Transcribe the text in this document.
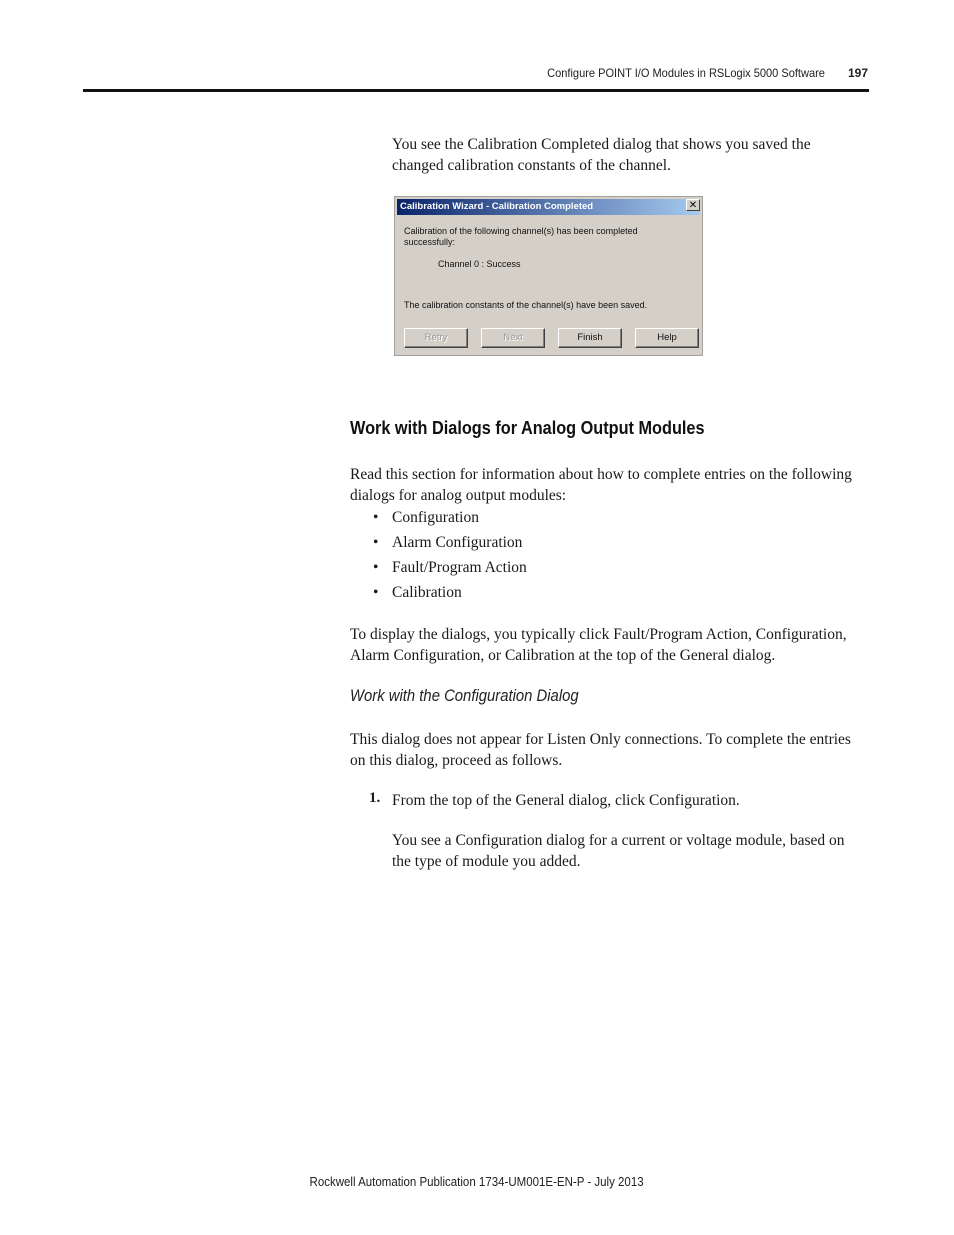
Configure POINT I/O Modules in RSLogix 5000 Software 197
You see the Calibration Completed dialog that shows you saved the
changed calibration constants of the channel.
Calibration Wizard - Calibration Completed	✕
Calibration of the following channel(s) has been completed
successfully:
Channel 0 : Success
The calibration constants of the channel(s) have been saved.
Retry	Next	Finish	Help
Work with Dialogs for Analog Output Modules
Read this section for information about how to complete entries on the following
dialogs for analog output modules:
• Configuration
• Alarm Configuration
• Fault/Program Action
• Calibration
To display the dialogs, you typically click Fault/Program Action, Configuration,
Alarm Configuration, or Calibration at the top of the General dialog.
Work with the Configuration Dialog
This dialog does not appear for Listen Only connections. To complete the entries
on this dialog, proceed as follows.
1. From the top of the General dialog, click Configuration.
You see a Configuration dialog for a current or voltage module, based on
the type of module you added.
Rockwell Automation Publication 1734-UM001E-EN-P - July 2013
